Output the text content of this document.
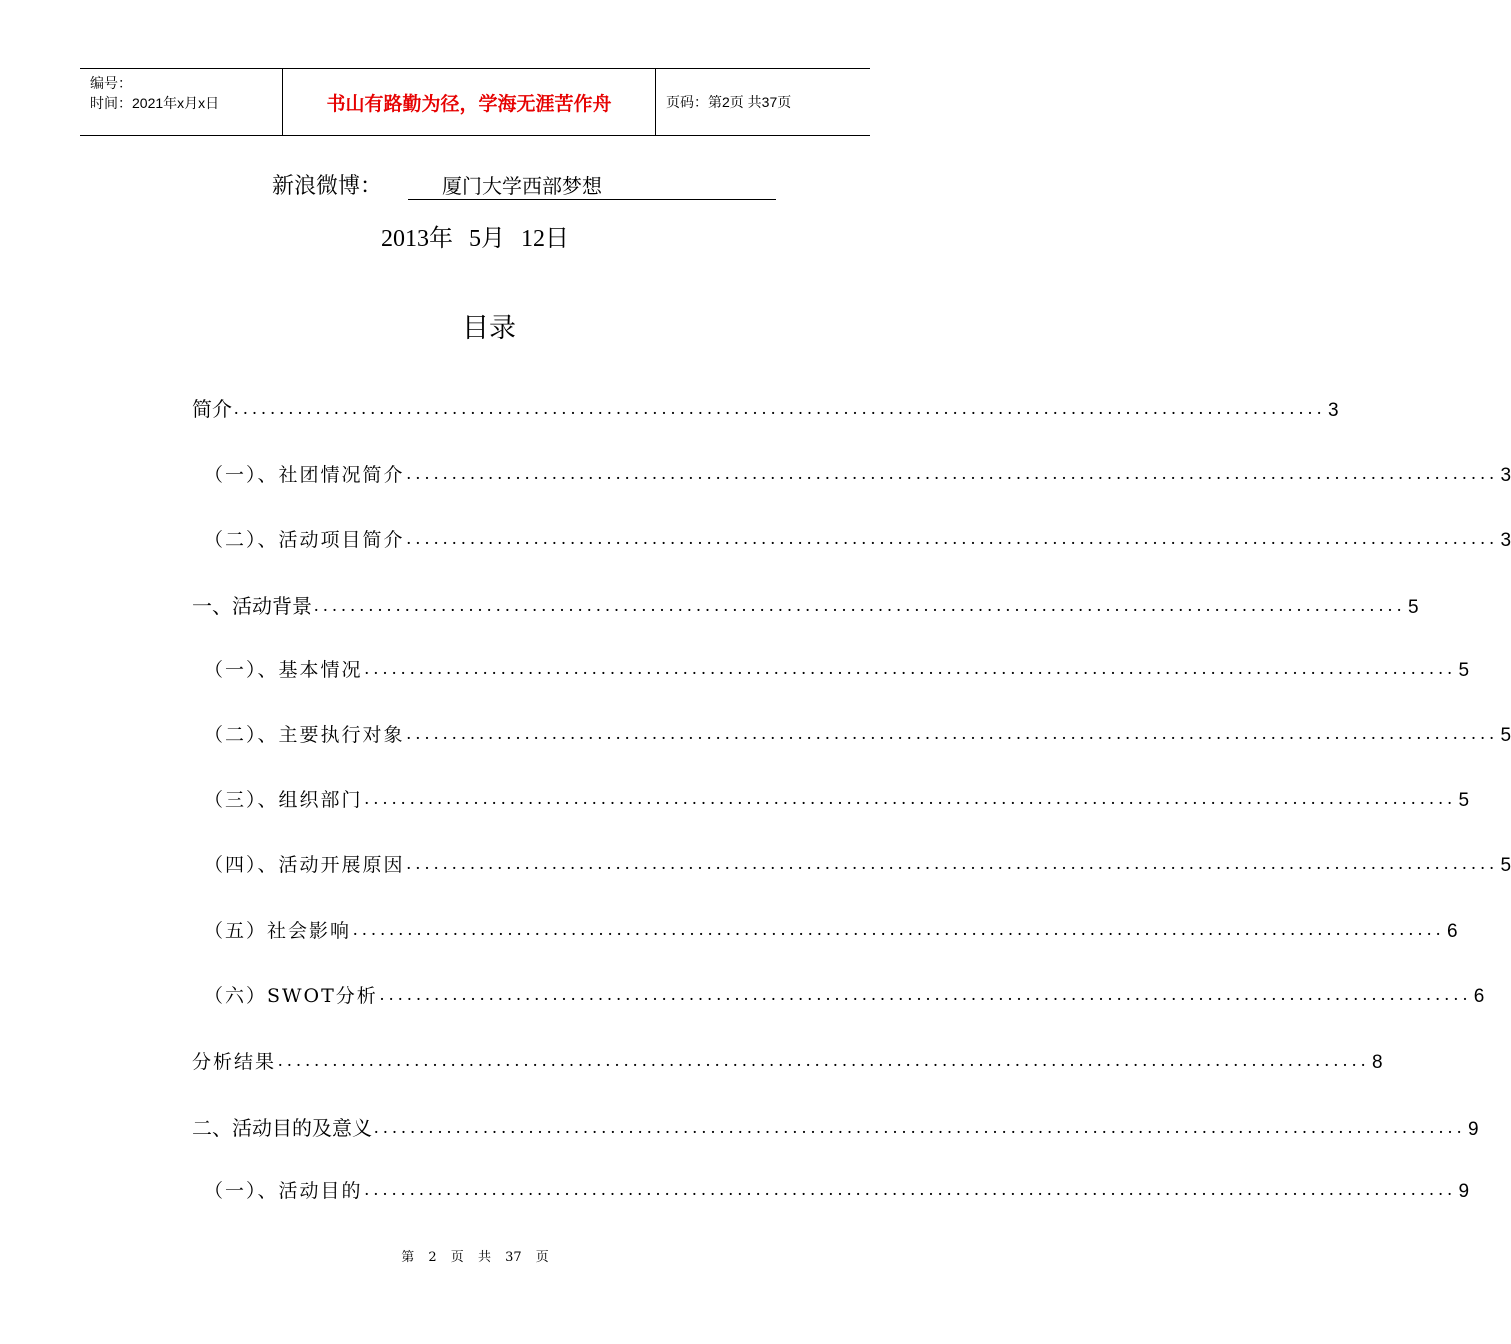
编号：
时间：2021年x月x日	书山有路勤为径，学海无涯苦作舟	页码：第2页 共37页
新浪微博：	厦门大学西部梦想
2013年 5月 12日
目录
简介 ........................................................................................................................ 3
（一）、社团情况简介 ........................................................................................................................ 3
（二）、活动项目简介 ........................................................................................................................ 3
一、活动背景 ........................................................................................................................ 5
（一）、基本情况 ........................................................................................................................ 5
（二）、主要执行对象 ........................................................................................................................ 5
（三）、组织部门 ........................................................................................................................ 5
（四）、活动开展原因 ........................................................................................................................ 5
（五）社会影响 ........................................................................................................................ 6
（六）SWOT分析 ........................................................................................................................ 6
分析结果 ........................................................................................................................ 8
二、活动目的及意义 ........................................................................................................................ 9
（一）、活动目的 ........................................................................................................................ 9
第 2 页 共 37 页
